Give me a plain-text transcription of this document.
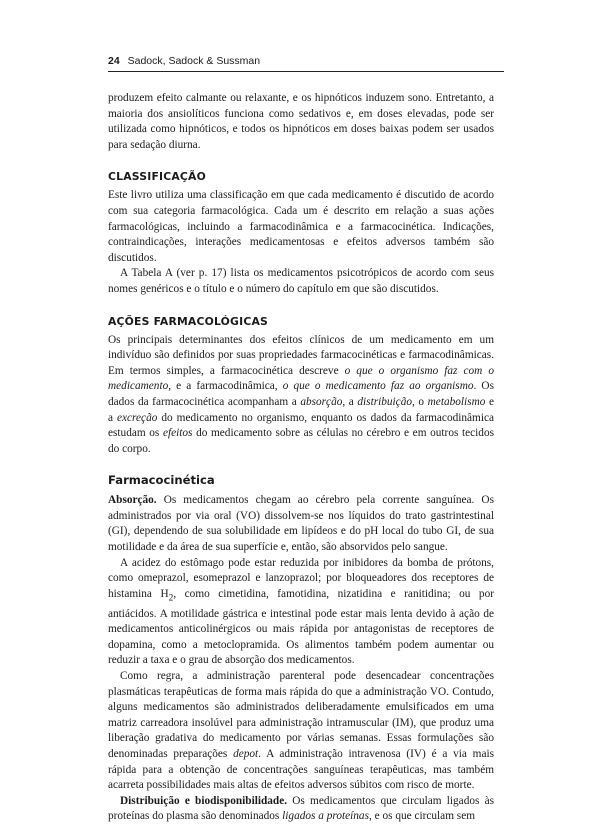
24 Sadock, Sadock & Sussman

produzem efeito calmante ou relaxante, e os hipnóticos induzem sono. Entretanto, a maioria dos ansiolíticos funciona como sedativos e, em doses elevadas, pode ser utilizada como hipnóticos, e todos os hipnóticos em doses baixas podem ser usados para sedação diurna.

CLASSIFICAÇÃO

Este livro utiliza uma classificação em que cada medicamento é discutido de acordo com sua categoria farmacológica. Cada um é descrito em relação a suas ações farmacológicas, incluindo a farmacodinâmica e a farmacocinética. Indicações, contraindicações, interações medicamentosas e efeitos adversos também são discutidos.

A Tabela A (ver p. 17) lista os medicamentos psicotrópicos de acordo com seus nomes genéricos e o título e o número do capítulo em que são discutidos.

AÇÕES FARMACOLÓGICAS

Os principais determinantes dos efeitos clínicos de um medicamento em um indivíduo são definidos por suas propriedades farmacocinéticas e farmacodinâmicas. Em termos simples, a farmacocinética descreve o que o organismo faz com o medicamento, e a farmacodinâmica, o que o medicamento faz ao organismo. Os dados da farmacocinética acompanham a absorção, a distribuição, o metabolismo e a excreção do medicamento no organismo, enquanto os dados da farmacodinâmica estudam os efeitos do medicamento sobre as células no cérebro e em outros tecidos do corpo.

Farmacocinética

Absorção. Os medicamentos chegam ao cérebro pela corrente sanguínea. Os administrados por via oral (VO) dissolvem-se nos líquidos do trato gastrintestinal (GI), dependendo de sua solubilidade em lipídeos e do pH local do tubo GI, de sua motilidade e da área de sua superfície e, então, são absorvidos pelo sangue.

A acidez do estômago pode estar reduzida por inibidores da bomba de prótons, como omeprazol, esomeprazol e lanzoprazol; por bloqueadores dos receptores de histamina $H_2$, como cimetidina, famotidina, nizatidina e ranitidina; ou por antiácidos. A motilidade gástrica e intestinal pode estar mais lenta devido à ação de medicamentos anticolinérgicos ou mais rápida por antagonistas de receptores de dopamina, como a metoclopramida. Os alimentos também podem aumentar ou reduzir a taxa e o grau de absorção dos medicamentos.

Como regra, a administração parenteral pode desencadear concentrações plasmáticas terapêuticas de forma mais rápida do que a administração VO. Contudo, alguns medicamentos são administrados deliberadamente emulsificados em uma matriz carreadora insolúvel para administração intramuscular (IM), que produz uma liberação gradativa do medicamento por várias semanas. Essas formulações são denominadas preparações depot. A administração intravenosa (IV) é a via mais rápida para a obtenção de concentrações sanguíneas terapêuticas, mas também acarreta possibilidades mais altas de efeitos adversos súbitos com risco de morte.

Distribuição e biodisponibilidade. Os medicamentos que circulam ligados às proteínas do plasma são denominados ligados a proteínas, e os que circulam sem
